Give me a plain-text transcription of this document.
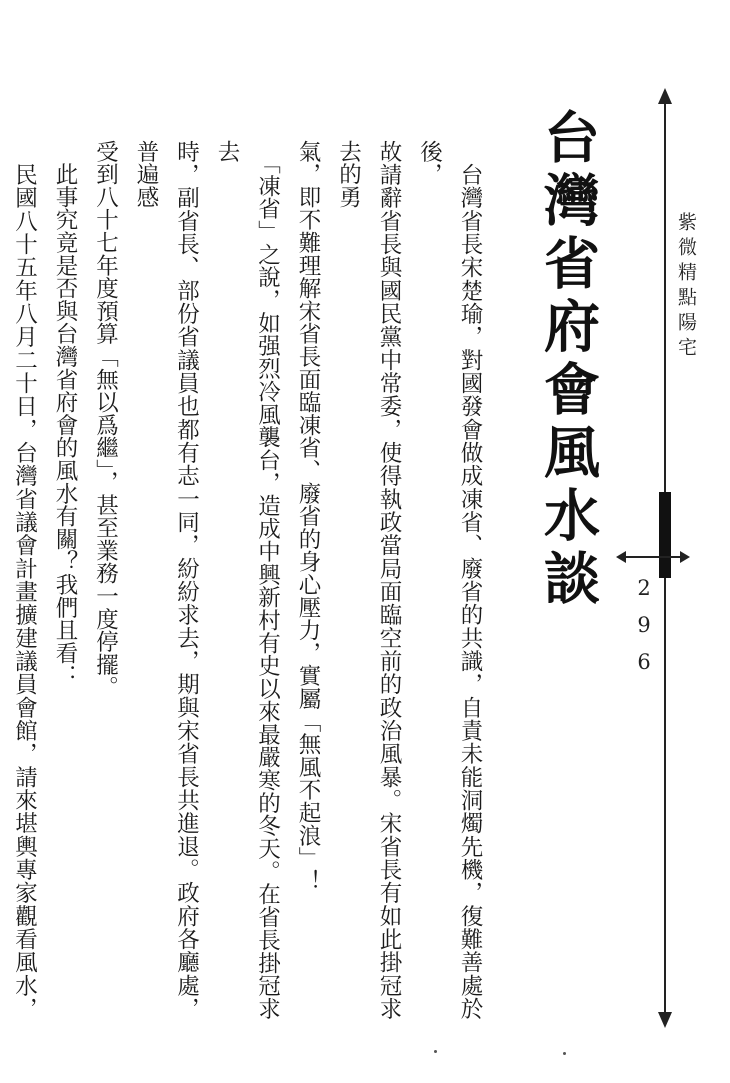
紫微精點陽宅
2
9
6
台灣省府會風水談
　台灣省長宋楚瑜，對國發會做成凍省、廢省的共識，自責未能洞燭先機，復難善處於後，
故請辭省長與國民黨中常委，使得執政當局面臨空前的政治風暴。宋省長有如此掛冠求去的勇
氣，即不難理解宋省長面臨凍省、廢省的身心壓力，實屬「無風不起浪」！
　「凍省」之說，如强烈冷風襲台，造成中興新村有史以來最嚴寒的冬天。在省長掛冠求去
時，副省長、部份省議員也都有志一同，紛紛求去，期與宋省長共進退。政府各廳處，普遍感
受到八十七年度預算「無以爲繼」，甚至業務一度停擺。
　此事究竟是否與台灣省府會的風水有關？我們且看：
　民國八十五年八月二十日，台灣省議會計畫擴建議員會館，請來堪輿專家觀看風水，
